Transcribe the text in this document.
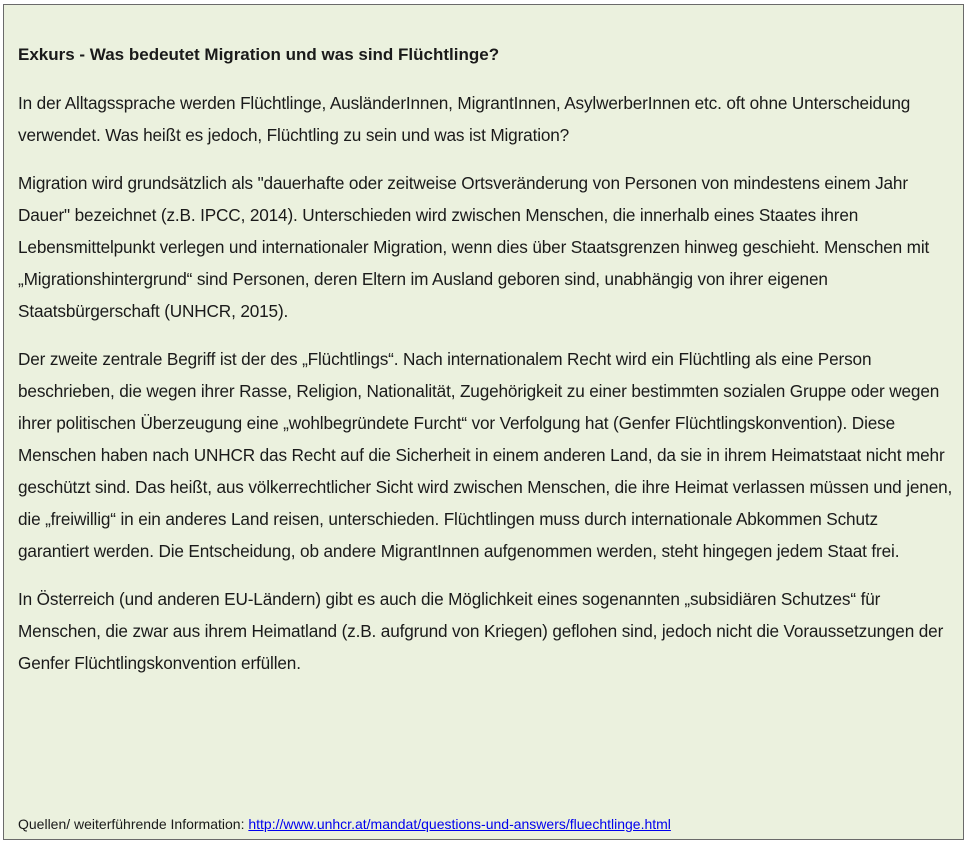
Exkurs - Was bedeutet Migration und was sind Flüchtlinge?

In der Alltagssprache werden Flüchtlinge, AusländerInnen, MigrantInnen, AsylwerberInnen etc. oft ohne Unterscheidung verwendet. Was heißt es jedoch, Flüchtling zu sein und was ist Migration?

Migration wird grundsätzlich als "dauerhafte oder zeitweise Ortsveränderung von Personen von mindestens einem Jahr Dauer" bezeichnet (z.B. IPCC, 2014). Unterschieden wird zwischen Menschen, die innerhalb eines Staates ihren Lebensmittelpunkt verlegen und internationaler Migration, wenn dies über Staatsgrenzen hinweg geschieht. Menschen mit „Migrationshintergrund“ sind Personen, deren Eltern im Ausland geboren sind, unabhängig von ihrer eigenen Staatsbürgerschaft (UNHCR, 2015).

Der zweite zentrale Begriff ist der des „Flüchtlings“. Nach internationalem Recht wird ein Flüchtling als eine Person beschrieben, die wegen ihrer Rasse, Religion, Nationalität, Zugehörigkeit zu einer bestimmten sozialen Gruppe oder wegen ihrer politischen Überzeugung eine „wohlbegründete Furcht“ vor Verfolgung hat (Genfer Flüchtlingskonvention). Diese Menschen haben nach UNHCR das Recht auf die Sicherheit in einem anderen Land, da sie in ihrem Heimatstaat nicht mehr geschützt sind. Das heißt, aus völkerrechtlicher Sicht wird zwischen Menschen, die ihre Heimat verlassen müssen und jenen, die „freiwillig“ in ein anderes Land reisen, unterschieden. Flüchtlingen muss durch internationale Abkommen Schutz garantiert werden. Die Entscheidung, ob andere MigrantInnen aufgenommen werden, steht hingegen jedem Staat frei.

In Österreich (und anderen EU-Ländern) gibt es auch die Möglichkeit eines sogenannten „subsidiären Schutzes“ für Menschen, die zwar aus ihrem Heimatland (z.B. aufgrund von Kriegen) geflohen sind, jedoch nicht die Voraussetzungen der Genfer Flüchtlingskonvention erfüllen.

Quellen/ weiterführende Information: http://www.unhcr.at/mandat/questions-und-answers/fluechtlinge.html
